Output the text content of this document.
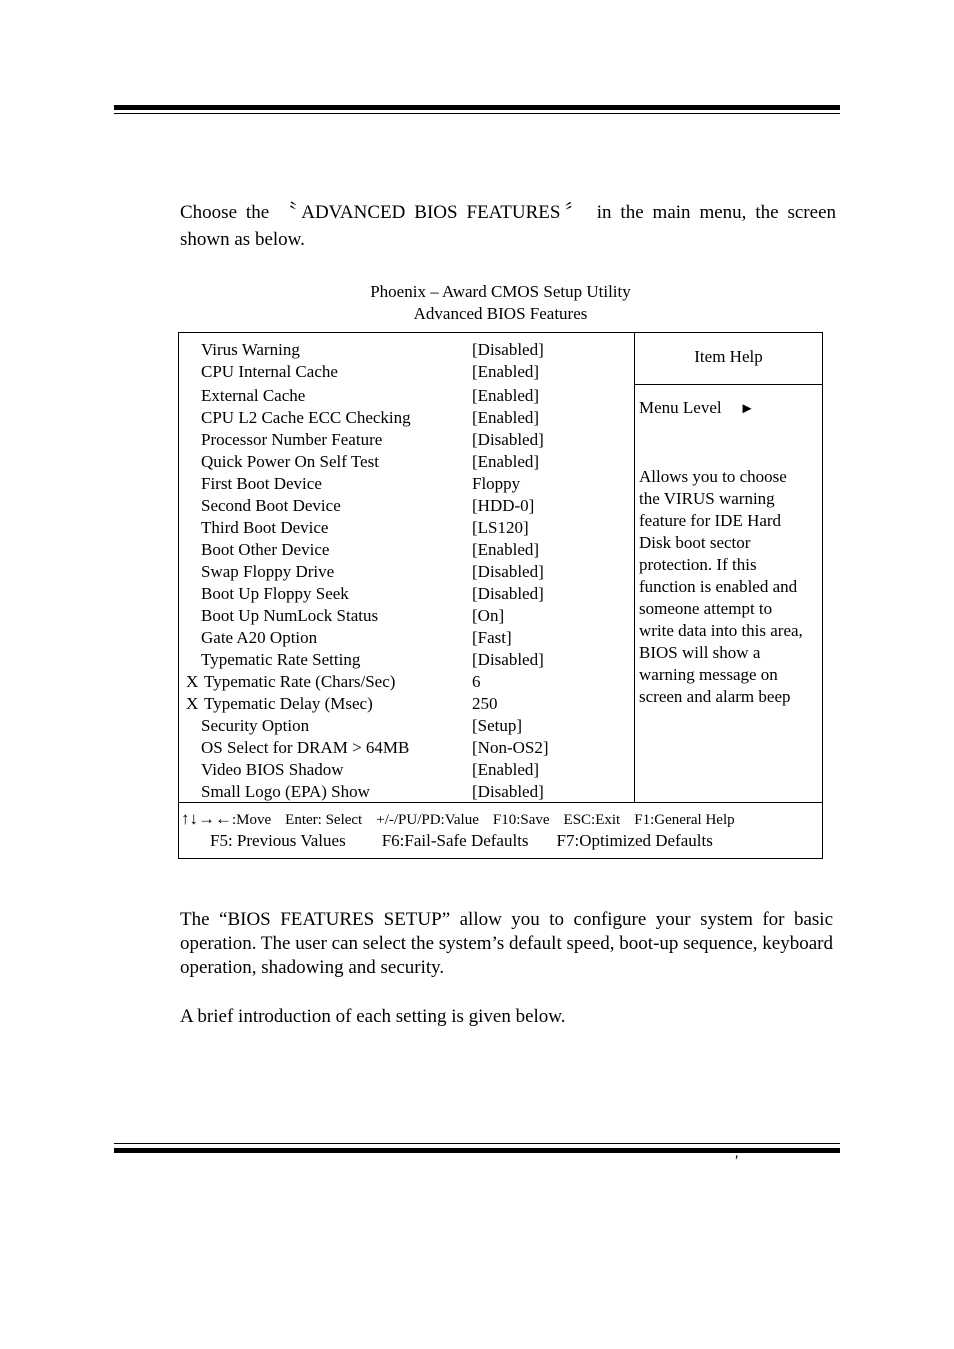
Choose the 〝ADVANCED BIOS FEATURES〞 in the main menu, the screen shown as below.
Phoenix – Award CMOS Setup Utility
Advanced BIOS Features
Virus Warning	[Disabled]
CPU Internal Cache	[Enabled]
External Cache	[Enabled]
CPU L2 Cache ECC Checking	[Enabled]
Processor Number Feature	[Disabled]
Quick Power On Self Test	[Enabled]
First Boot Device	Floppy
Second Boot Device	[HDD-0]
Third Boot Device	[LS120]
Boot Other Device	[Enabled]
Swap Floppy Drive	[Disabled]
Boot Up Floppy Seek	[Disabled]
Boot Up NumLock Status	[On]
Gate A20 Option	[Fast]
Typematic Rate Setting	[Disabled]
X Typematic Rate (Chars/Sec)	6
X Typematic Delay (Msec)	250
Security Option	[Setup]
OS Select for DRAM > 64MB	[Non-OS2]
Video BIOS Shadow	[Enabled]
Small Logo (EPA) Show	[Disabled]
Item Help
Menu Level ►
Allows you to choose
the VIRUS warning
feature for IDE Hard
Disk boot sector
protection. If this
function is enabled and
someone attempt to
write data into this area,
BIOS will show a
warning message on
screen and alarm beep
↑↓→←:Move Enter: Select +/-/PU/PD:Value F10:Save ESC:Exit F1:General Help
F5: Previous Values F6:Fail-Safe Defaults F7:Optimized Defaults
The “BIOS FEATURES SETUP” allow you to configure your system for basic operation. The user can select the system’s default speed, boot-up sequence, keyboard operation, shadowing and security.
A brief introduction of each setting is given below.
′
